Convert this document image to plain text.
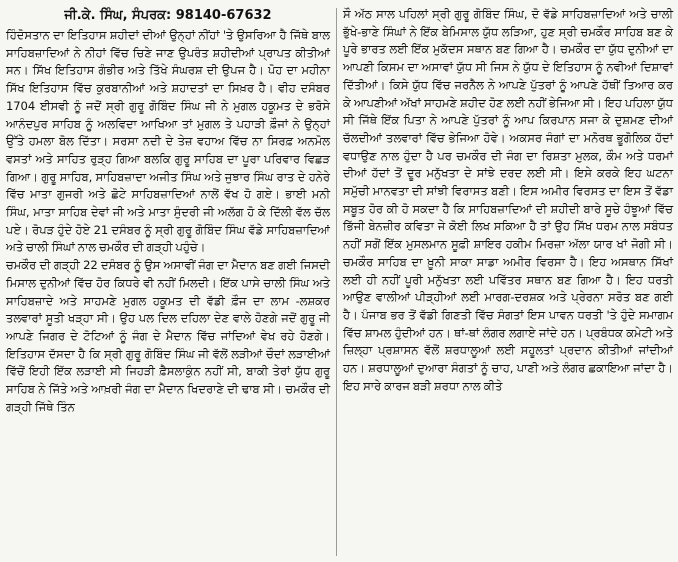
ਜੀ.ਕੇ. ਸਿੰਘ, ਸੰਪਰਕ: 98140-67632

ਹਿੰਦੋਸਤਾਨ ਦਾ ਇਤਿਹਾਸ ਸ਼ਹੀਦਾਂ ਦੀਆਂ ਉਨ੍ਹਾਂ ਨੀਂਹਾਂ 'ਤੇ ਉਸਰਿਆ ਹੈ ਜਿੱਥੇ ਬਾਲ ਸਾਹਿਬਜ਼ਾਦਿਆਂ ਨੇ ਨੀਹਾਂ ਵਿੱਚ ਚਿਣੇ ਜਾਣ ਉਪਰੰਤ ਸ਼ਹੀਦੀਆਂ ਪ੍ਰਾਪਤ ਕੀਤੀਆਂ ਸਨ। ਸਿੱਖ ਇਤਿਹਾਸ ਗੰਭੀਰ ਅਤੇ ਤਿੱਖੇ ਸੰਘਰਸ਼ ਦੀ ਉਪਜ ਹੈ। ਪੋਹ ਦਾ ਮਹੀਨਾ ਸਿੱਖ ਇਤਿਹਾਸ ਵਿੱਚ ਕੁਰਬਾਨੀਆਂ ਅਤੇ ਸ਼ਹਾਦਤਾਂ ਦਾ ਸਿਖ਼ਰ ਹੈ। ਵੀਹ ਦਸੰਬਰ 1704 ਈਸਵੀ ਨੂੰ ਜਦੋਂ ਸ੍ਰੀ ਗੁਰੂ ਗੋਬਿੰਦ ਸਿੰਘ ਜੀ ਨੇ ਮੁਗਲ ਹਕੂਮਤ ਦੇ ਭਰੋਸੇ ਆਨੰਦਪੁਰ ਸਾਹਿਬ ਨੂੰ ਅਲਵਿਦਾ ਆਖਿਆ ਤਾਂ ਮੁਗਲ ਤੇ ਪਹਾੜੀ ਫ਼ੌਜਾਂ ਨੇ ਉਨ੍ਹਾਂ ਉੱਤੇ ਹਮਲਾ ਬੋਲ ਦਿੱਤਾ। ਸਰਸਾ ਨਦੀ ਦੇ ਤੇਜ਼ ਵਹਾਅ ਵਿੱਚ ਨਾ ਸਿਰਫ਼ ਅਨਮੋਲ ਵਸਤਾਂ ਅਤੇ ਸਾਹਿਤ ਰੁੜ੍ਹ ਗਿਆ ਬਲਕਿ ਗੁਰੂ ਸਾਹਿਬ ਦਾ ਪੂਰਾ ਪਰਿਵਾਰ ਵਿਛੜ ਗਿਆ। ਗੁਰੂ ਸਾਹਿਬ, ਸਾਹਿਬਜ਼ਾਦਾ ਅਜੀਤ ਸਿੰਘ ਅਤੇ ਜੁਝਾਰ ਸਿੰਘ ਰਾਤ ਦੇ ਹਨੇਰੇ ਵਿੱਚ ਮਾਤਾ ਗੁਜਰੀ ਅਤੇ ਛੋਟੇ ਸਾਹਿਬਜ਼ਾਦਿਆਂ ਨਾਲੋਂ ਵੱਖ ਹੋ ਗਏ। ਭਾਈ ਮਨੀ ਸਿੰਘ, ਮਾਤਾ ਸਾਹਿਬ ਦੇਵਾਂ ਜੀ ਅਤੇ ਮਾਤਾ ਸੁੰਦਰੀ ਜੀ ਅਲੱਗ ਹੋ ਕੇ ਦਿੱਲੀ ਵੱਲ ਚੱਲ ਪਏ। ਰੋਪੜ ਹੁੰਦੇ ਹੋਏ 21 ਦਸੰਬਰ ਨੂੰ ਸ੍ਰੀ ਗੁਰੂ ਗੋਬਿੰਦ ਸਿੰਘ ਵੱਡੇ ਸਾਹਿਬਜ਼ਾਦਿਆਂ ਅਤੇ ਚਾਲੀ ਸਿੰਘਾਂ ਨਾਲ ਚਮਕੌਰ ਦੀ ਗੜ੍ਹੀ ਪਹੁੰਚੇ।

ਚਮਕੌਰ ਦੀ ਗੜ੍ਹੀ 22 ਦਸੰਬਰ ਨੂੰ ਉਸ ਅਸਾਵੀਂ ਜੰਗ ਦਾ ਮੈਦਾਨ ਬਣ ਗਈ ਜਿਸਦੀ ਮਿਸਾਲ ਦੁਨੀਆਂ ਵਿੱਚ ਹੋਰ ਕਿਧਰੇ ਵੀ ਨਹੀਂ ਮਿਲਦੀ। ਇੱਕ ਪਾਸੇ ਚਾਲੀ ਸਿੰਘ ਅਤੇ ਸਾਹਿਬਜ਼ਾਦੇ ਅਤੇ ਸਾਹਮਣੇ ਮੁਗਲ ਹਕੂਮਤ ਦੀ ਵੱਡੀ ਫ਼ੌਜ ਦਾ ਲਾਮ -ਲਸ਼ਕਰ ਤਲਵਾਰਾਂ ਸੂਤੀ ਖੜ੍ਹਾ ਸੀ। ਉਹ ਪਲ ਦਿਲ ਦਹਿਲਾ ਦੇਣ ਵਾਲੇ ਹੋਣਗੇ ਜਦੋਂ ਗੁਰੂ ਜੀ ਆਪਣੇ ਜਿਗਰ ਦੇ ਟੋਟਿਆਂ ਨੂੰ ਜੰਗ ਦੇ ਮੈਦਾਨ ਵਿੱਚ ਜਾਂਦਿਆਂ ਵੇਖ ਰਹੇ ਹੋਣਗੇ। ਇਤਿਹਾਸ ਦੱਸਦਾ ਹੈ ਕਿ ਸ੍ਰੀ ਗੁਰੂ ਗੋਬਿੰਦ ਸਿੰਘ ਜੀ ਵੱਲੋਂ ਲੜੀਆਂ ਚੌਦਾਂ ਲੜਾਈਆਂ ਵਿੱਚੋਂ ਇਹੀ ਇੱਕ ਲੜਾਈ ਸੀ ਜਿਹੜੀ ਫ਼ੈਸਲਾਕੁੰਨ ਨਹੀਂ ਸੀ, ਬਾਕੀ ਤੇਰਾਂ ਯੁੱਧ ਗੁਰੂ ਸਾਹਿਬ ਨੇ ਜਿੱਤੇ ਅਤੇ ਆਖ਼ਰੀ ਜੰਗ ਦਾ ਮੈਦਾਨ ਖਿਦਰਾਣੇ ਦੀ ਢਾਬ ਸੀ। ਚਮਕੌਰ ਦੀ ਗੜ੍ਹੀ ਜਿੱਥੇ ਤਿੰਨ

ਸੌ ਅੱਠ ਸਾਲ ਪਹਿਲਾਂ ਸ੍ਰੀ ਗੁਰੂ ਗੋਬਿੰਦ ਸਿੰਘ, ਦੋ ਵੱਡੇ ਸਾਹਿਬਜ਼ਾਦਿਆਂ ਅਤੇ ਚਾਲੀ ਭੁੱਖੇ-ਭਾਣੇ ਸਿੰਘਾਂ ਨੇ ਇੱਕ ਬੇਮਿਸਾਲ ਯੁੱਧ ਲੜਿਆ, ਹੁਣ ਸ੍ਰੀ ਚਮਕੌਰ ਸਾਹਿਬ ਬਣ ਕੇ ਪੂਰੇ ਭਾਰਤ ਲਈ ਇੱਕ ਮੁਕੱਦਸ ਸਥਾਨ ਬਣ ਗਿਆ ਹੈ। ਚਮਕੌਰ ਦਾ ਯੁੱਧ ਦੁਨੀਆਂ ਦਾ ਆਪਣੀ ਕਿਸਮ ਦਾ ਅਸਾਵਾਂ ਯੁੱਧ ਸੀ ਜਿਸ ਨੇ ਯੁੱਧ ਦੇ ਇਤਿਹਾਸ ਨੂੰ ਨਵੀਆਂ ਦਿਸ਼ਾਵਾਂ ਦਿੱਤੀਆਂ। ਕਿਸੇ ਯੁੱਧ ਵਿੱਚ ਜਰਨੈਲ ਨੇ ਆਪਣੇ ਪੁੱਤਰਾਂ ਨੂੰ ਆਪਣੇ ਹੱਥੀਂ ਤਿਆਰ ਕਰ ਕੇ ਆਪਣੀਆਂ ਅੱਖਾਂ ਸਾਹਮਣੇ ਸ਼ਹੀਦ ਹੋਣ ਲਈ ਨਹੀਂ ਭੇਜਿਆ ਸੀ। ਇਹ ਪਹਿਲਾ ਯੁੱਧ ਸੀ ਜਿੱਥੇ ਇੱਕ ਪਿਤਾ ਨੇ ਆਪਣੇ ਪੁੱਤਰਾਂ ਨੂੰ ਆਪ ਕਿਰਪਾਨ ਸਜਾ ਕੇ ਦੁਸ਼ਮਣ ਦੀਆਂ ਚੱਲਦੀਆਂ ਤਲਵਾਰਾਂ ਵਿੱਚ ਭੇਜਿਆ ਹੋਵੇ। ਅਕਸਰ ਜੰਗਾਂ ਦਾ ਮਨੋਰਥ ਭੂਗੋਲਿਕ ਹੱਦਾਂ ਵਧਾਉਣ ਨਾਲ ਹੁੰਦਾ ਹੈ ਪਰ ਚਮਕੌਰ ਦੀ ਜੰਗ ਦਾ ਰਿਸ਼ਤਾ ਮੁਲਕ, ਕੌਮ ਅਤੇ ਧਰਮਾਂ ਦੀਆਂ ਹੱਦਾਂ ਤੋਂ ਦੂਰ ਮਨੁੱਖਤਾ ਦੇ ਸਾਂਝੇ ਦਰਦ ਲਈ ਸੀ। ਇਸੇ ਕਰਕੇ ਇਹ ਘਟਨਾ ਸਮੁੱਚੀ ਮਾਨਵਤਾ ਦੀ ਸਾਂਝੀ ਵਿਰਾਸਤ ਬਣੀ। ਇਸ ਅਮੀਰ ਵਿਰਸਤ ਦਾ ਇਸ ਤੋਂ ਵੱਡਾ ਸਬੂਤ ਹੋਰ ਕੀ ਹੋ ਸਕਦਾ ਹੈ ਕਿ ਸਾਹਿਬਜ਼ਾਦਿਆਂ ਦੀ ਸ਼ਹੀਦੀ ਬਾਰੇ ਸੂਚੇ ਹੰਝੂਆਂ ਵਿੱਚ ਭਿੱਜੀ ਬੇਨਜ਼ੀਰ ਕਵਿਤਾ ਜੇ ਕੋਈ ਲਿਖ ਸਕਿਆ ਹੈ ਤਾਂ ਉਹ ਸਿੱਖ ਧਰਮ ਨਾਲ ਸਬੰਧਤ ਨਹੀਂ ਸਗੋਂ ਇੱਕ ਮੁਸਲਮਾਨ ਸੂਫ਼ੀ ਸ਼ਾਇਰ ਹਕੀਮ ਮਿਰਜ਼ਾ ਅੱਲਾ ਯਾਰ ਖਾਂ ਜੋਗੀ ਸੀ। ਚਮਕੌਰ ਸਾਹਿਬ ਦਾ ਖ਼ੂਨੀ ਸਾਕਾ ਸਾਡਾ ਅਮੀਰ ਵਿਰਸਾ ਹੈ। ਇਹ ਅਸਥਾਨ ਸਿੱਖਾਂ ਲਈ ਹੀ ਨਹੀਂ ਪੂਰੀ ਮਨੁੱਖਤਾ ਲਈ ਪਵਿੱਤਰ ਸਥਾਨ ਬਣ ਗਿਆ ਹੈ। ਇਹ ਧਰਤੀ ਆਉਣ ਵਾਲੀਆਂ ਪੀੜ੍ਹੀਆਂ ਲਈ ਮਾਰਗ-ਦਰਸ਼ਕ ਅਤੇ ਪ੍ਰੇਰਨਾ ਸਰੋਤ ਬਣ ਗਈ ਹੈ। ਪੰਜਾਬ ਭਰ ਤੋਂ ਵੱਡੀ ਗਿਣਤੀ ਵਿੱਚ ਸੰਗਤਾਂ ਇਸ ਪਾਵਨ ਧਰਤੀ 'ਤੇ ਹੁੰਦੇ ਸਮਾਗਮ ਵਿੱਚ ਸ਼ਾਮਲ ਹੁੰਦੀਆਂ ਹਨ। ਥਾਂ-ਥਾਂ ਲੰਗਰ ਲਗਾਏ ਜਾਂਦੇ ਹਨ। ਪ੍ਰਬੰਧਕ ਕਮੇਟੀ ਅਤੇ ਜ਼ਿਲ੍ਹਾ ਪ੍ਰਸ਼ਾਸਨ ਵੱਲੋਂ ਸ਼ਰਧਾਲੂਆਂ ਲਈ ਸਹੂਲਤਾਂ ਪ੍ਰਦਾਨ ਕੀਤੀਆਂ ਜਾਂਦੀਆਂ ਹਨ। ਸ਼ਰਧਾਲੂਆਂ ਦੁਆਰਾ ਸੰਗਤਾਂ ਨੂੰ ਚਾਹ, ਪਾਣੀ ਅਤੇ ਲੰਗਰ ਛਕਾਇਆ ਜਾਂਦਾ ਹੈ। ਇਹ ਸਾਰੇ ਕਾਰਜ ਬੜੀ ਸ਼ਰਧਾ ਨਾਲ ਕੀਤੇ
